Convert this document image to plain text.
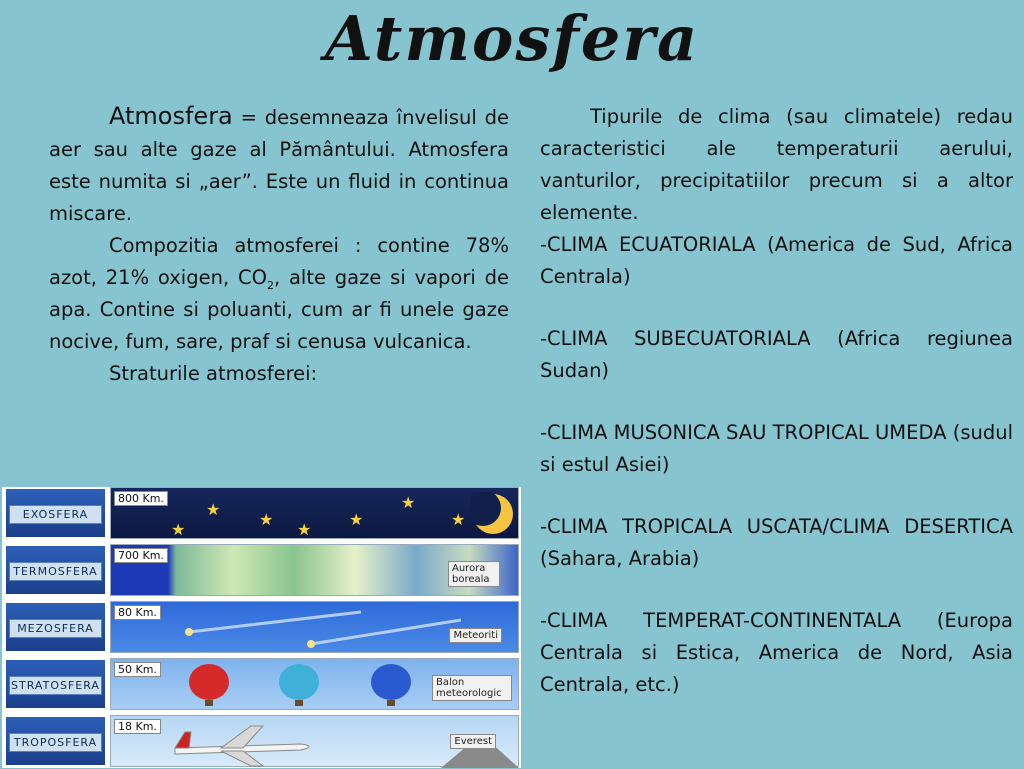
Atmosfera

Atmosfera = desemneaza învelisul de aer sau alte gaze al Pământului. Atmosfera este numita si „aer”. Este un fluid in continua miscare.

Compozitia atmosferei : contine 78% azot, 21% oxigen, $CO_2$, alte gaze si vapori de apa. Contine si poluanti, cum ar fi unele gaze nocive, fum, sare, praf si cenusa vulcanica.

Straturile atmosferei:

Tipurile de clima (sau climatele) redau caracteristici ale temperaturii aerului, vanturilor, precipitatiilor precum si a altor elemente.

-CLIMA ECUATORIALA (America de Sud, Africa Centrala)

-CLIMA SUBECUATORIALA (Africa regiunea Sudan)

-CLIMA MUSONICA SAU TROPICAL UMEDA (sudul si estul Asiei)

-CLIMA TROPICALA USCATA/CLIMA DESERTICA (Sahara, Arabia)

-CLIMA TEMPERAT-CONTINENTALA (Europa Centrala si Estica, America de Nord, Asia Centrala, etc.)

EXOSFERA
800 Km.
★
★
★
★
★
★
★
TERMOSFERA
700 Km.
Aurora boreala
MEZOSFERA
80 Km.
Meteoriti
STRATOSFERA
50 Km.
Balon meteorologic
TROPOSFERA
18 Km.
Everest
